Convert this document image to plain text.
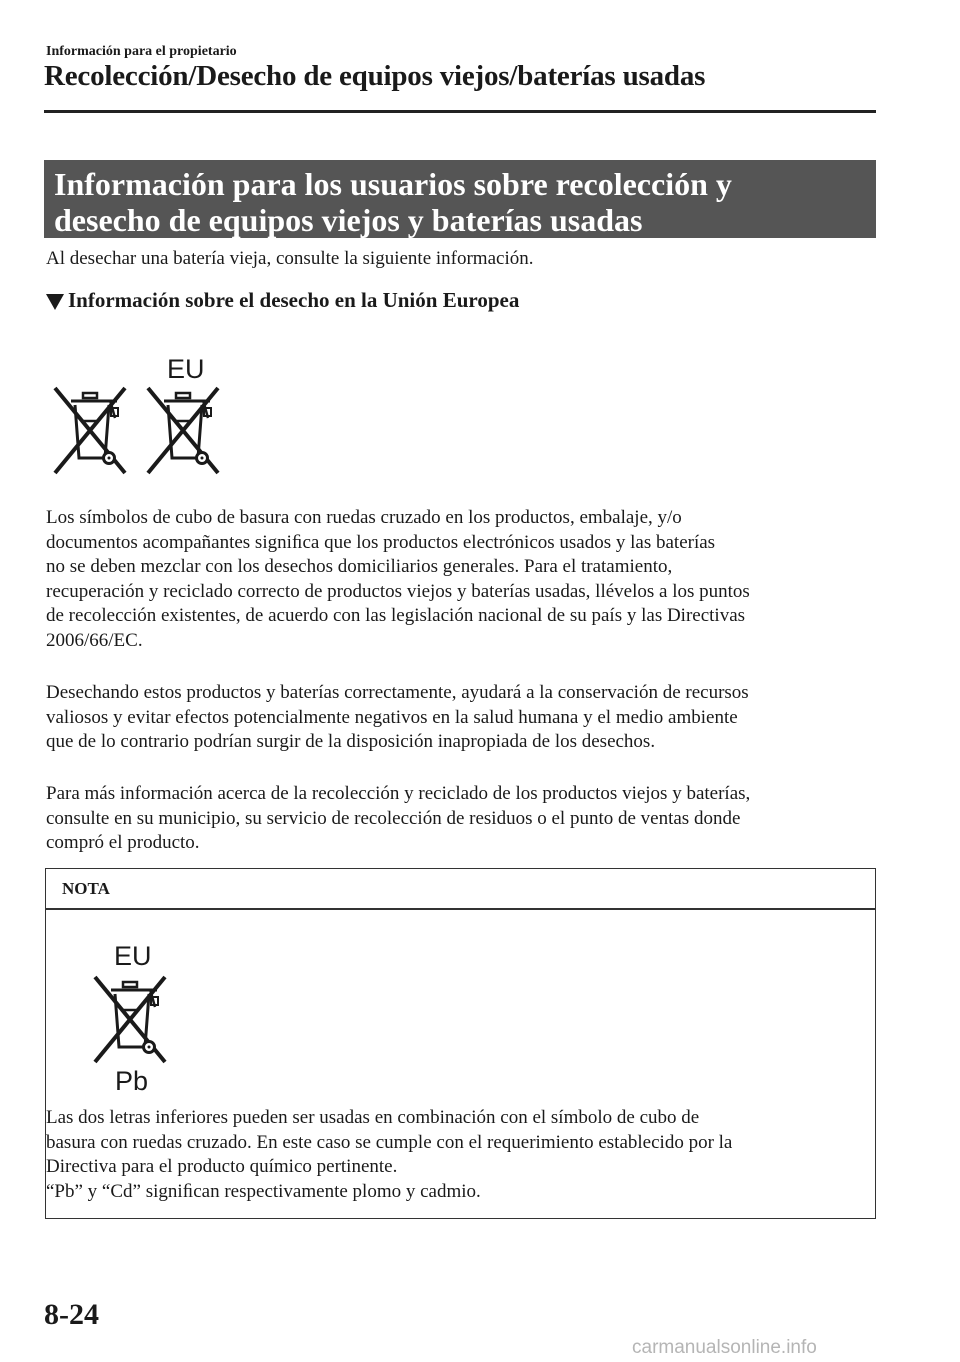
Información para el propietario
Recolección/Desecho de equipos viejos/baterías usadas
Información para los usuarios sobre recolección y
desecho de equipos viejos y baterías usadas
Al desechar una batería vieja, consulte la siguiente información.
Información sobre el desecho en la Unión Europea
EU
Los símbolos de cubo de basura con ruedas cruzado en los productos, embalaje, y/o
documentos acompañantes signiﬁca que los productos electrónicos usados y las baterías
no se deben mezclar con los desechos domiciliarios generales. Para el tratamiento,
recuperación y reciclado correcto de productos viejos y baterías usadas, llévelos a los puntos
de recolección existentes, de acuerdo con las legislación nacional de su país y las Directivas
2006/66/EC.
Desechando estos productos y baterías correctamente, ayudará a la conservación de recursos
valiosos y evitar efectos potencialmente negativos en la salud humana y el medio ambiente
que de lo contrario podrían surgir de la disposición inapropiada de los desechos.
Para más información acerca de la recolección y reciclado de los productos viejos y baterías,
consulte en su municipio, su servicio de recolección de residuos o el punto de ventas donde
compró el producto.
NOTA
EU
Pb
Las dos letras inferiores pueden ser usadas en combinación con el símbolo de cubo de
basura con ruedas cruzado. En este caso se cumple con el requerimiento establecido por la
Directiva para el producto químico pertinente.
“Pb” y “Cd” signiﬁcan respectivamente plomo y cadmio.
8-24
carmanualsonline.info
